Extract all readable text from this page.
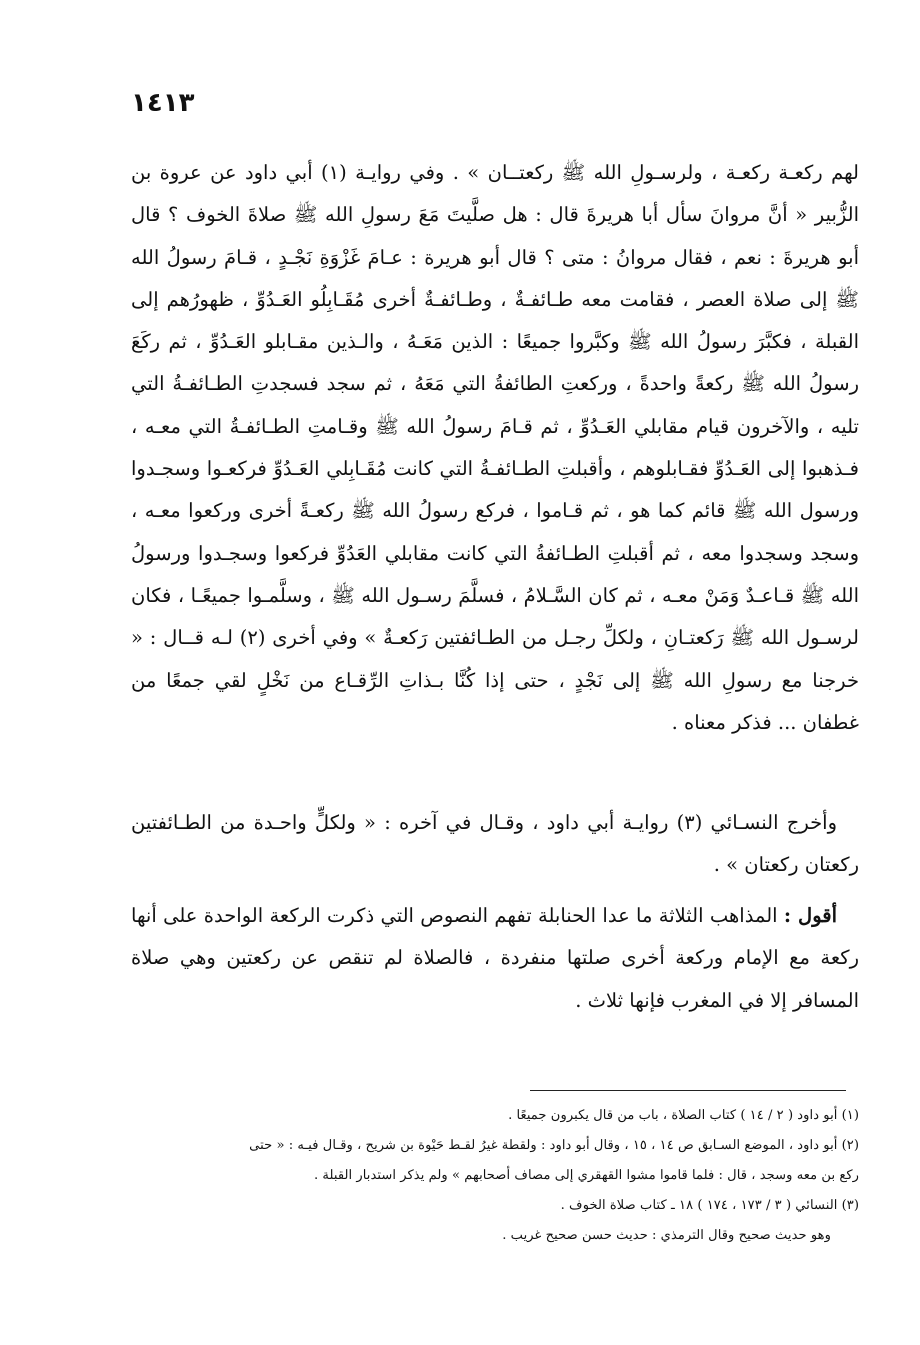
١٤١٣
لهم ركعـة ركعـة ، ولرسـولِ الله ﷺ ركعتــان » . وفي روايـة (١) أبي داود عن عروة بن الزُّبير « أنَّ مروانَ سأل أبا هريرةَ قال : هل صلَّيتَ مَعَ رسولِ الله ﷺ صلاةَ الخوف ؟ قال أبو هريرةَ : نعم ، فقال مروانُ : متى ؟ قال أبو هريرة : عـامَ غَزْوَةِ نَجْـدٍ ، قـامَ رسولُ الله ﷺ إلى صلاة العصر ، فقامت معه طـائفـةٌ ، وطـائفـةٌ أخرى مُقَـابِلُو العَـدُوِّ ، ظهورُهم إلى القبلة ، فكبَّرَ رسولُ الله ﷺ وكبَّروا جميعًا : الذين مَعَـهُ ، والـذين مقـابلو العَـدُوِّ ، ثم ركَعَ رسولُ الله ﷺ ركعةً واحدةً ، وركعتِ الطائفةُ التي مَعَهُ ، ثم سجد فسجدتِ الطـائفـةُ التي تليه ، والآخرون قيام مقابلي العَـدُوِّ ، ثم قـامَ رسولُ الله ﷺ وقـامتِ الطـائفـةُ التي معـه ، فـذهبوا إلى العَـدُوِّ فقـابلوهم ، وأقبلتِ الطـائفـةُ التي كانت مُقَـابِلي العَـدُوِّ فركعـوا وسجـدوا ورسول الله ﷺ قائم كما هو ، ثم قـاموا ، فركع رسولُ الله ﷺ ركعـةً أخرى وركعوا معـه ، وسجد وسجدوا معه ، ثم أقبلتِ الطـائفةُ التي كانت مقابلي العَدُوِّ فركعوا وسجـدوا ورسولُ الله ﷺ قـاعـدٌ وَمَنْ معـه ، ثم كان السَّـلامُ ، فسلَّمَ رسـول الله ﷺ ، وسلَّمـوا جميعًـا ، فكان لرسـول الله ﷺ رَكعتـانِ ، ولكلِّ رجـل من الطـائفتين رَكعـةٌ » وفي أخرى (٢) لـه قــال : « خرجنا مع رسولِ الله ﷺ إلى نَجْدٍ ، حتى إذا كُنَّا بـذاتِ الرِّقـاع من نَخْلٍ لقي جمعًا من غطفان ... فذكر معناه .
وأخرج النسـائي (٣) روايـة أبي داود ، وقـال في آخره : « ولكلٍّ واحـدة من الطـائفتين ركعتان ركعتان » .
أقول : المذاهب الثلاثة ما عدا الحنابلة تفهم النصوص التي ذكرت الركعة الواحدة على أنها ركعة مع الإمام وركعة أخرى صلتها منفردة ، فالصلاة لم تنقص عن ركعتين وهي صلاة المسافر إلا في المغرب فإنها ثلاث .

(١) أبو داود ( ٢ / ١٤ ) كتاب الصلاة ، باب من قال يكبرون جميعًا .

(٢) أبو داود ، الموضع السـابق ص ١٤ ، ١٥ ، وقال أبو داود : ولقطة غيرُ لقـط حَيْوة بن شريح ، وقـال فيـه : « حتى

ركع بن معه وسجد ، قال : فلما قاموا مشوا القهقري إلى مصاف أصحابهم » ولم يذكر استدبار القبلة .

(٣) النسائي ( ٣ / ١٧٣ ، ١٧٤ ) ١٨ ـ كتاب صلاة الخوف .

وهو حديث صحيح وقال الترمذي : حديث حسن صحيح غريب .
